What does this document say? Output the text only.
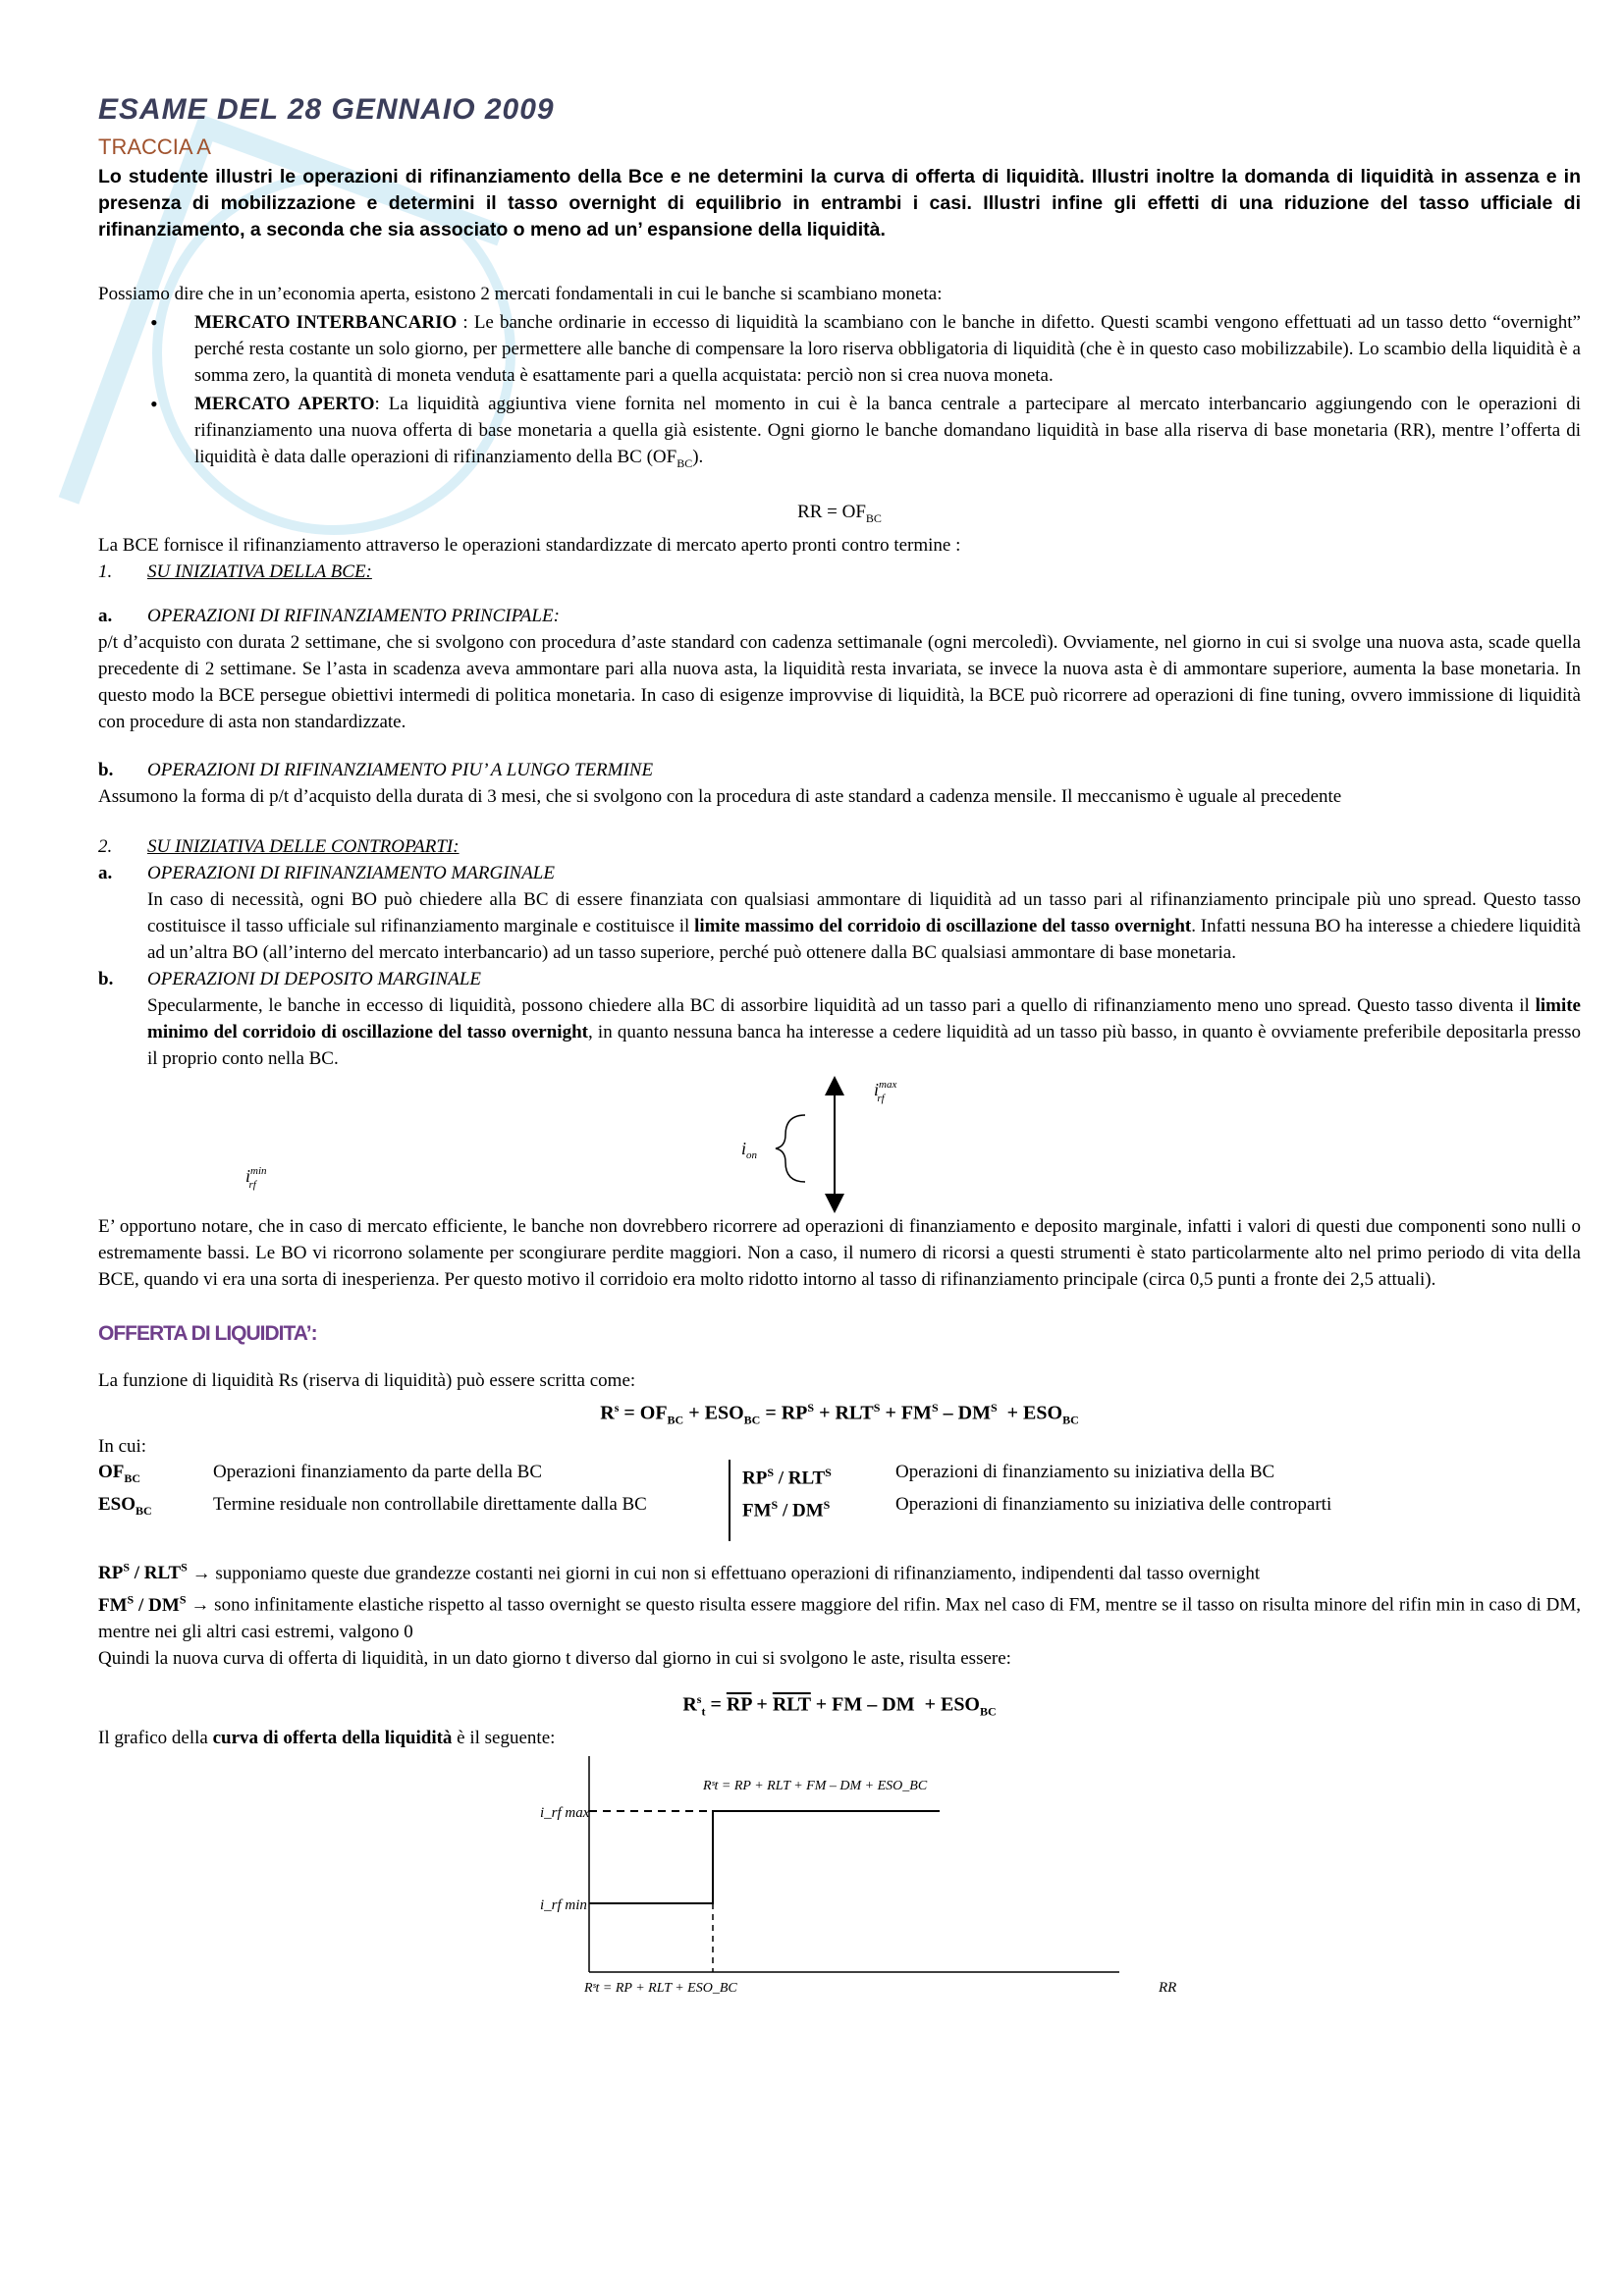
ESAME DEL 28 GENNAIO 2009
TRACCIA A

Lo studente illustri le operazioni di rifinanziamento della Bce e ne determini la curva di offerta di liquidità. Illustri inoltre la domanda di liquidità in assenza e in presenza di mobilizzazione e determini il tasso overnight di equilibrio in entrambi i casi. Illustri infine gli effetti di una riduzione del tasso ufficiale di rifinanziamento, a seconda che sia associato o meno ad un’ espansione della liquidità.

Possiamo dire che in un’economia aperta, esistono 2 mercati fondamentali in cui le banche si scambiano moneta:

• MERCATO INTERBANCARIO : Le banche ordinarie in eccesso di liquidità la scambiano con le banche in difetto. Questi scambi vengono effettuati ad un tasso detto “overnight” perché resta costante un solo giorno, per permettere alle banche di compensare la loro riserva obbligatoria di liquidità (che è in questo caso mobilizzabile). Lo scambio della liquidità è a somma zero, la quantità di moneta venduta è esattamente pari a quella acquistata: perciò non si crea nuova moneta.
• MERCATO APERTO: La liquidità aggiuntiva viene fornita nel momento in cui è la banca centrale a partecipare al mercato interbancario aggiungendo con le operazioni di rifinanziamento una nuova offerta di base monetaria a quella già esistente. Ogni giorno le banche domandano liquidità in base alla riserva di base monetaria (RR), mentre l’offerta di liquidità è data dalle operazioni di rifinanziamento della BC $(OF_{BC})$.

RR = $OF_{BC}$

La BCE fornisce il rifinanziamento attraverso le operazioni standardizzate di mercato aperto pronti contro termine :

1. SU INIZIATIVA DELLA BCE:

a. OPERAZIONI DI RIFINANZIAMENTO PRINCIPALE:

p/t d’acquisto con durata 2 settimane, che si svolgono con procedura d’aste standard con cadenza settimanale (ogni mercoledì). Ovviamente, nel giorno in cui si svolge una nuova asta, scade quella precedente di 2 settimane. Se l’asta in scadenza aveva ammontare pari alla nuova asta, la liquidità resta invariata, se invece la nuova asta è di ammontare superiore, aumenta la base monetaria. In questo modo la BCE persegue obiettivi intermedi di politica monetaria. In caso di esigenze improvvise di liquidità, la BCE può ricorrere ad operazioni di fine tuning, ovvero immissione di liquidità con procedure di asta non standardizzate.

b. OPERAZIONI DI RIFINANZIAMENTO PIU’ A LUNGO TERMINE

Assumono la forma di p/t d’acquisto della durata di 3 mesi, che si svolgono con la procedura di aste standard a cadenza mensile. Il meccanismo è uguale al precedente

2. SU INIZIATIVA DELLE CONTROPARTI:

a. OPERAZIONI DI RIFINANZIAMENTO MARGINALE

In caso di necessità, ogni BO può chiedere alla BC di essere finanziata con qualsiasi ammontare di liquidità ad un tasso pari al rifinanziamento principale più uno spread. Questo tasso costituisce il tasso ufficiale sul rifinanziamento marginale e costituisce il limite massimo del corridoio di oscillazione del tasso overnight. Infatti nessuna BO ha interesse a chiedere liquidità ad un’altra BO (all’interno del mercato interbancario) ad un tasso superiore, perché può ottenere dalla BC qualsiasi ammontare di base monetaria.

b. OPERAZIONI DI DEPOSITO MARGINALE

Specularmente, le banche in eccesso di liquidità, possono chiedere alla BC di assorbire liquidità ad un tasso pari a quello di rifinanziamento meno uno spread. Questo tasso diventa il limite minimo del corridoio di oscillazione del tasso overnight, in quanto nessuna banca ha interesse a cedere liquidità ad un tasso più basso, in quanto è ovviamente preferibile depositarla presso il proprio conto nella BC.

$i^{max}$ rf
$i_{on}$
$i^{min}$ rf

E’ opportuno notare, che in caso di mercato efficiente, le banche non dovrebbero ricorrere ad operazioni di finanziamento e deposito marginale, infatti i valori di questi due componenti sono nulli o estremamente bassi. Le BO vi ricorrono solamente per scongiurare perdite maggiori. Non a caso, il numero di ricorsi a questi strumenti è stato particolarmente alto nel primo periodo di vita della BCE, quando vi era una sorta di inesperienza. Per questo motivo il corridoio era molto ridotto intorno al tasso di rifinanziamento principale (circa 0,5 punti a fronte dei 2,5 attuali).

OFFERTA DI LIQUIDITA’:

La funzione di liquidità Rs (riserva di liquidità) può essere scritta come:

$R^s = OF_{BC} + ESO_{BC} = RP^S + RLT^S + FM^S - DM^S + ESO_{BC}$

In cui:

$OF_{BC}$	Operazioni finanziamento da parte della BC	$RP^S / RLT^S$	Operazioni di finanziamento su iniziativa della BC
$ESO_{BC}$	Termine residuale non controllabile direttamente dalla BC	$FM^S / DM^S$	Operazioni di finanziamento su iniziativa delle controparti

$RP^S / RLT^S$ → supponiamo queste due grandezze costanti nei giorni in cui non si effettuano operazioni di rifinanziamento, indipendenti dal tasso overnight

$FM^S / DM^S$ → sono infinitamente elastiche rispetto al tasso overnight se questo risulta essere maggiore del rifin. Max nel caso di FM, mentre se il tasso on risulta minore del rifin min in caso di DM, mentre nei gli altri casi estremi, valgono 0

Quindi la nuova curva di offerta di liquidità, in un dato giorno t diverso dal giorno in cui si svolgono le aste, risulta essere:

$R^s_t = \overline{RP} + \overline{RLT}$ + FM – DM  + $ESO_{BC}$

Il grafico della curva di offerta della liquidità è il seguente:

Rˢt = RP + RLT + FM – DM + ESO_BC
Rˢt = RP + RLT + ESO_BC	RR
i_rf max
i_rf min
